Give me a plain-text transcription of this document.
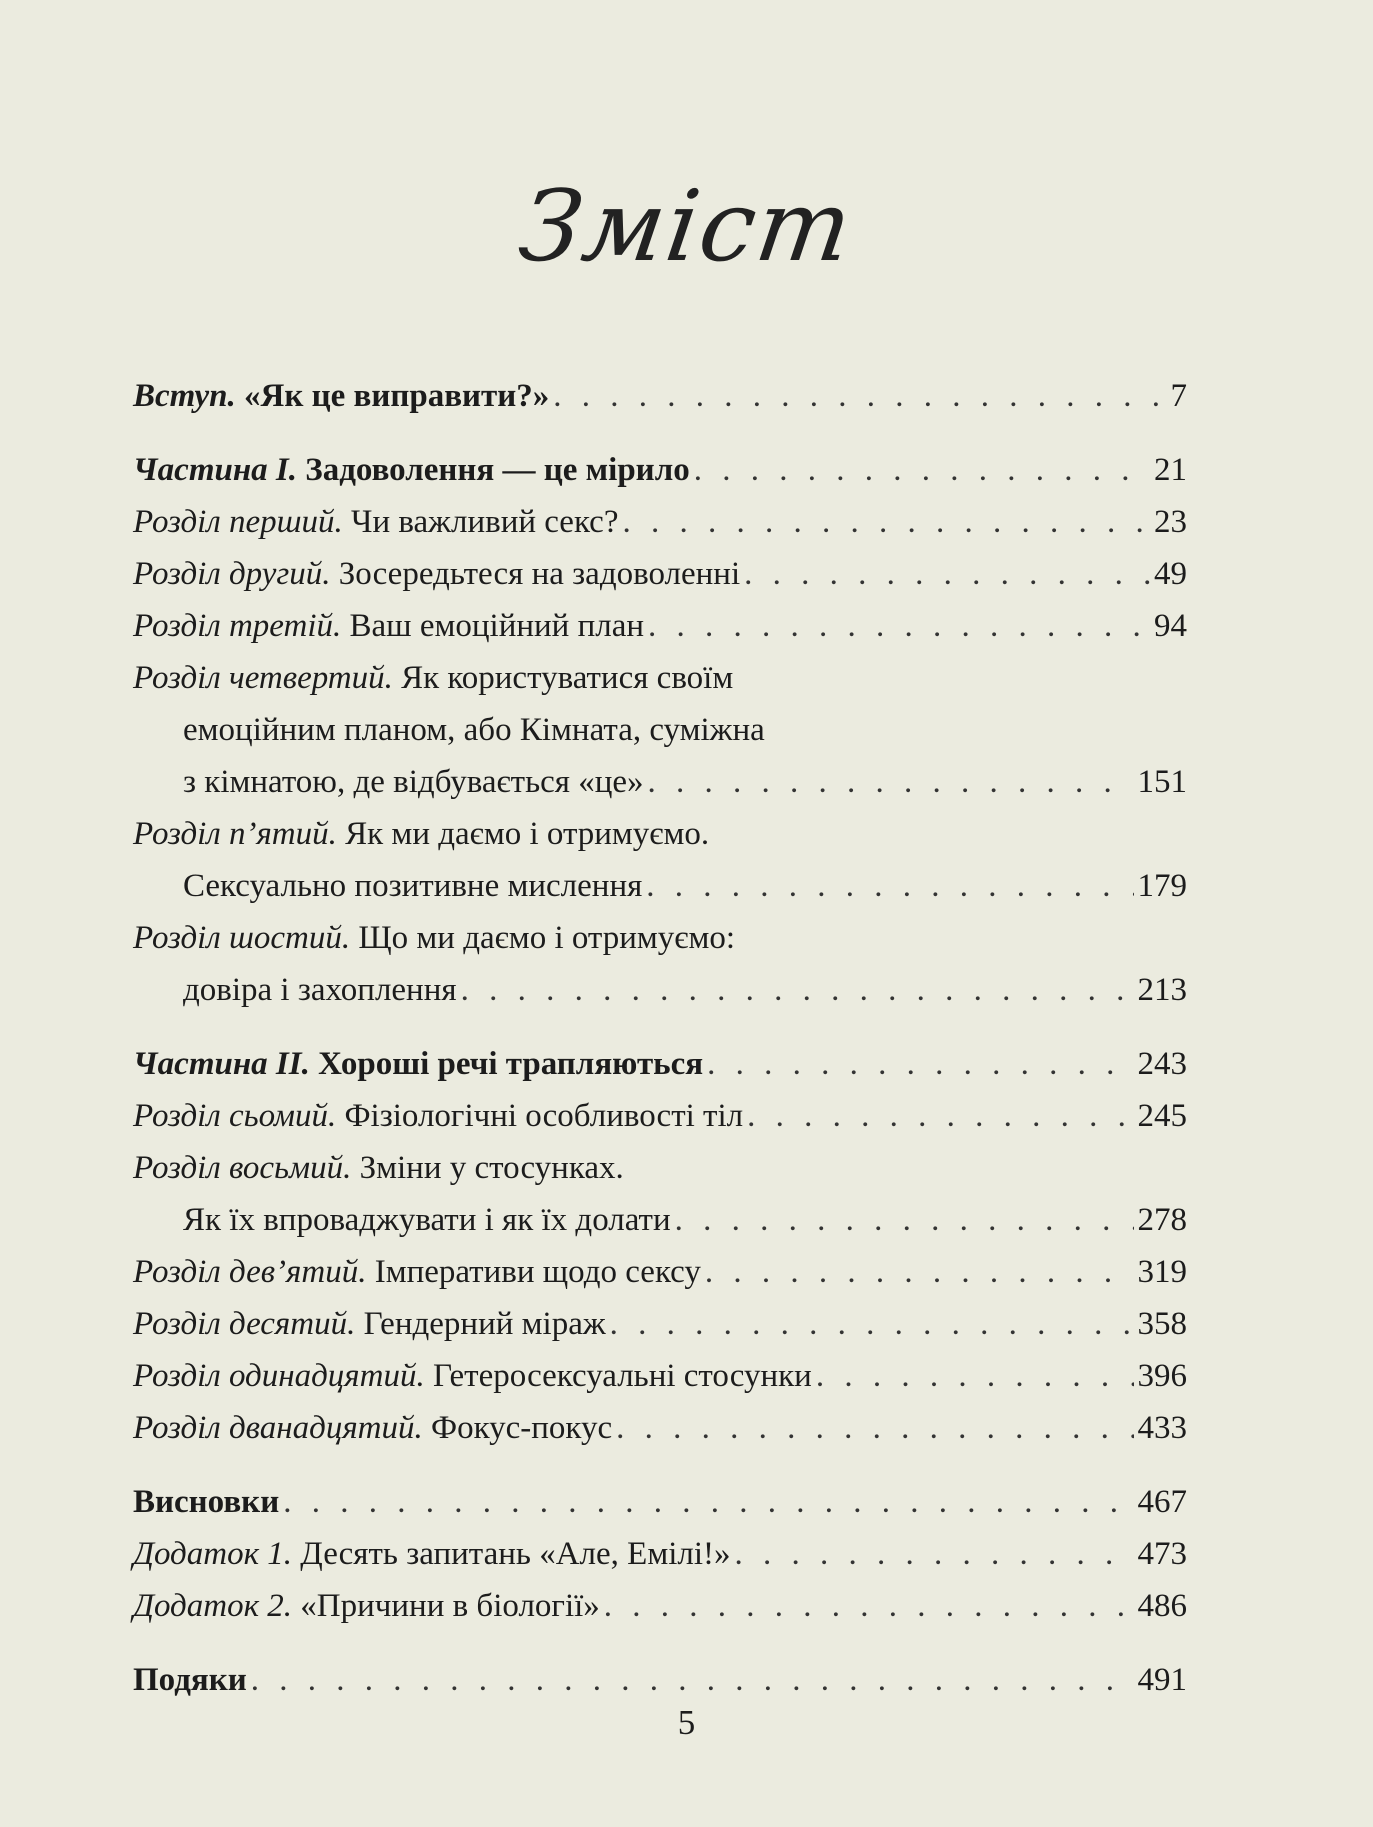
Зміст
Вступ. «Як це виправити?» . . .	7
Частина I. Задоволення — це мірило . . .	21
Розділ перший. Чи важливий секс? . . .	23
Розділ другий. Зосередьтеся на задоволенні . . .	49
Розділ третій. Ваш емоційний план . . .	94
Розділ четвертий. Як користуватися своїм
емоційним планом, або Кімната, суміжна
з кімнатою, де відбувається «це» . . .	151
Розділ п’ятий. Як ми даємо і отримуємо.
Сексуально позитивне мислення . . .	179
Розділ шостий. Що ми даємо і отримуємо:
довіра і захоплення . . .	213
Частина II. Хороші речі трапляються . . .	243
Розділ сьомий. Фізіологічні особливості тіл . . .	245
Розділ восьмий. Зміни у стосунках.
Як їх впроваджувати і як їх долати . . .	278
Розділ дев’ятий. Імперативи щодо сексу . . .	319
Розділ десятий. Гендерний міраж . . .	358
Розділ одинадцятий. Гетеросексуальні стосунки . . .	396
Розділ дванадцятий. Фокус-покус . . .	433
Висновки . . .	467
Додаток 1. Десять запитань «Але, Емілі!» . . .	473
Додаток 2. «Причини в біології» . . .	486
Подяки . . .	491
5
